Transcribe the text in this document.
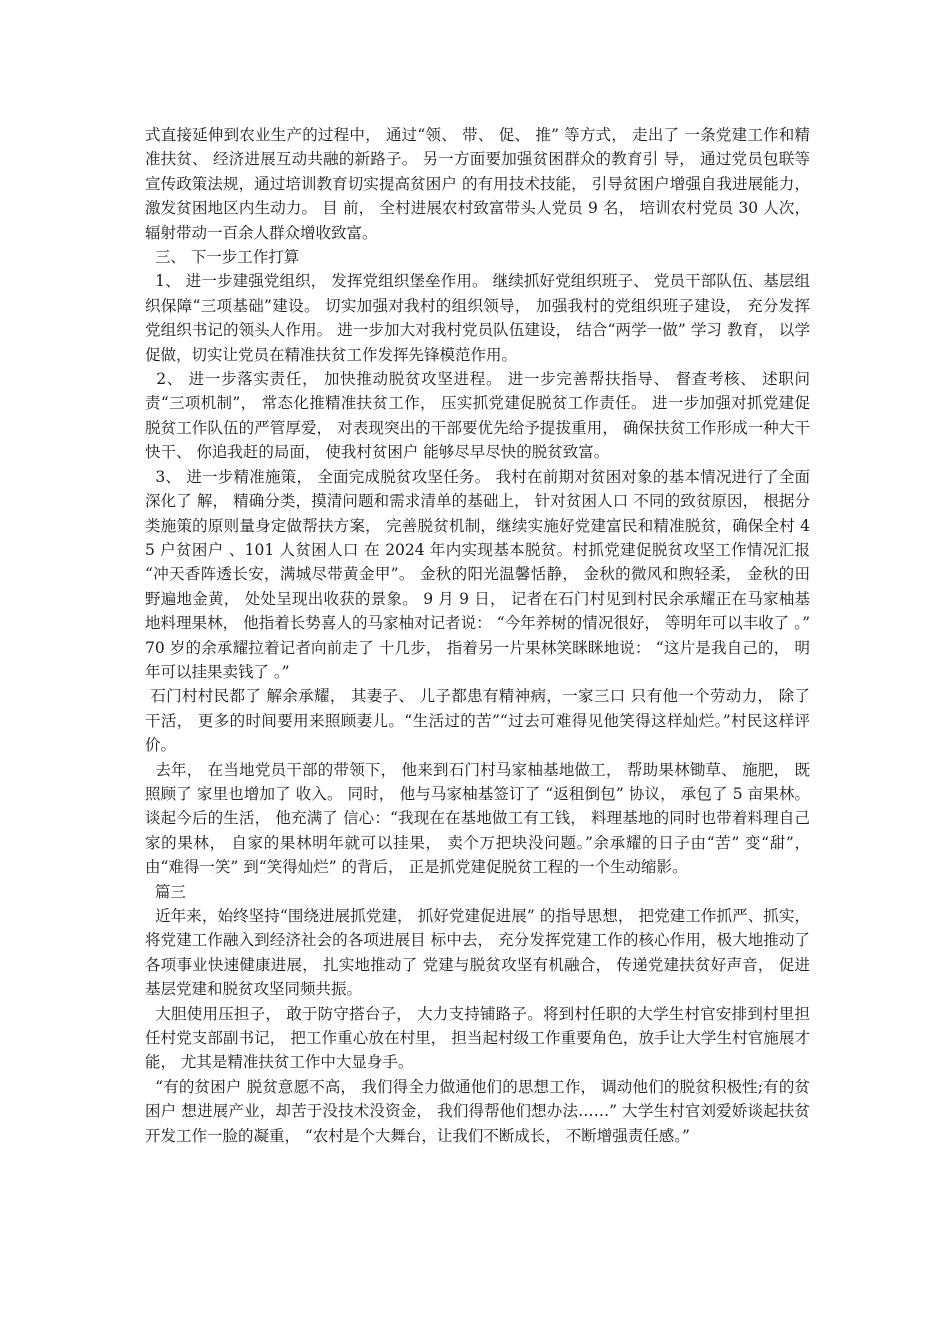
式直接延伸到农业生产的过程中， 通过“领、 带、 促、 推” 等方式， 走出了 一条党建工作和精准扶贫、 经济进展互动共融的新路子。 另一方面要加强贫困群众的教育引 导， 通过党员包联等宣传政策法规，通过培训教育切实提高贫困户 的有用技术技能， 引导贫困户增强自我进展能力， 激发贫困地区内生动力。 目 前， 全村进展农村致富带头人党员 9 名， 培训农村党员 30 人次， 辐射带动一百余人群众增收致富。

三、 下一步工作打算

1、 进一步建强党组织， 发挥党组织堡垒作用。 继续抓好党组织班子、 党员干部队伍、基层组织保障“三项基础”建设。 切实加强对我村的组织领导， 加强我村的党组织班子建设， 充分发挥党组织书记的领头人作用。 进一步加大对我村党员队伍建设， 结合“两学一做” 学习 教育， 以学促做，切实让党员在精准扶贫工作发挥先锋模范作用。

2、 进一步落实责任， 加快推动脱贫攻坚进程。 进一步完善帮扶指导、 督查考核、 述职问责“三项机制”， 常态化推精准扶贫工作， 压实抓党建促脱贫工作责任。 进一步加强对抓党建促脱贫工作队伍的严管厚爱， 对表现突出的干部要优先给予提拔重用， 确保扶贫工作形成一种大干快干、 你追我赶的局面， 使我村贫困户 能够尽早尽快的脱贫致富。

3、 进一步精准施策， 全面完成脱贫攻坚任务。 我村在前期对贫困对象的基本情况进行了全面深化了 解， 精确分类，摸清问题和需求清单的基础上， 针对贫困人口 不同的致贫原因， 根据分类施策的原则量身定做帮扶方案， 完善脱贫机制，继续实施好党建富民和精准脱贫，确保全村 45 户贫困户 、101 人贫困人口 在 2024 年内实现基本脱贫。村抓党建促脱贫攻坚工作情况汇报 “冲天香阵透长安，满城尽带黄金甲”。 金秋的阳光温馨恬静， 金秋的微风和煦轻柔， 金秋的田野遍地金黄， 处处呈现出收获的景象。 9 月 9 日， 记者在石门村见到村民余承耀正在马家柚基地料理果林， 他指着长势喜人的马家柚对记者说： “今年养树的情况很好， 等明年可以丰收了 。” 70 岁的余承耀拉着记者向前走了 十几步， 指着另一片果林笑眯眯地说： “这片是我自己的， 明年可以挂果卖钱了 。”

石门村村民都了 解余承耀， 其妻子、 儿子都患有精神病，一家三口 只有他一个劳动力， 除了 干活， 更多的时间要用来照顾妻儿。“生活过的苦”“过去可难得见他笑得这样灿烂。”村民这样评价。

去年， 在当地党员干部的带领下， 他来到石门村马家柚基地做工， 帮助果林锄草、 施肥， 既照顾了 家里也增加了 收入。 同时， 他与马家柚基签订了 “返租倒包” 协议， 承包了 5 亩果林。 谈起今后的生活， 他充满了 信心：“我现在在基地做工有工钱， 料理基地的同时也带着料理自己家的果林， 自家的果林明年就可以挂果， 卖个万把块没问题。”余承耀的日子由“苦” 变“甜”， 由“难得一笑” 到“笑得灿烂” 的背后， 正是抓党建促脱贫工程的一个生动缩影。

篇三

近年来，始终坚持“围绕进展抓党建， 抓好党建促进展” 的指导思想， 把党建工作抓严、抓实， 将党建工作融入到经济社会的各项进展目 标中去， 充分发挥党建工作的核心作用，极大地推动了 各项事业快速健康进展， 扎实地推动了 党建与脱贫攻坚有机融合， 传递党建扶贫好声音， 促进基层党建和脱贫攻坚同频共振。

大胆使用压担子， 敢于防守搭台子， 大力支持铺路子。将到村任职的大学生村官安排到村里担任村党支部副书记， 把工作重心放在村里， 担当起村级工作重要角色，放手让大学生村官施展才能， 尤其是精准扶贫工作中大显身手。

“有的贫困户 脱贫意愿不高， 我们得全力做通他们的思想工作， 调动他们的脱贫积极性;有的贫困户 想进展产业，却苦于没技术没资金， 我们得帮他们想办法……” 大学生村官刘爱娇谈起扶贫开发工作一脸的凝重， “农村是个大舞台，让我们不断成长， 不断增强责任感。”
